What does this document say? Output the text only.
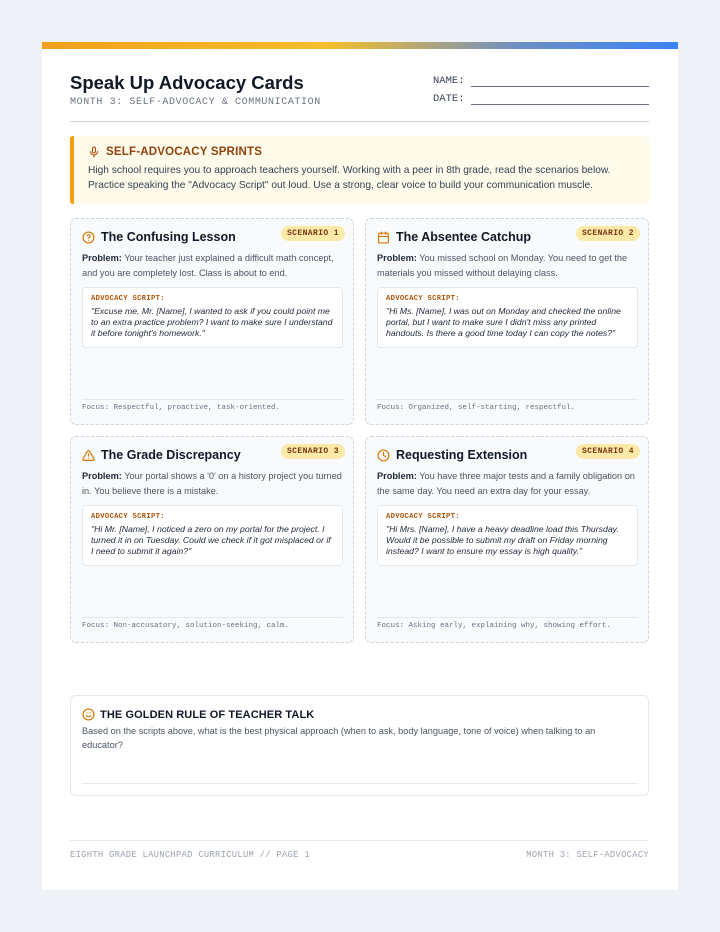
Speak Up Advocacy Cards
MONTH 3: SELF-ADVOCACY & COMMUNICATION
NAME:
DATE:
SELF-ADVOCACY SPRINTS
High school requires you to approach teachers yourself. Working with a peer in 8th grade, read the scenarios below. Practice speaking the "Advocacy Script" out loud. Use a strong, clear voice to build your communication muscle.
SCENARIO 1
The Confusing Lesson
Problem: Your teacher just explained a difficult math concept, and you are completely lost. Class is about to end.
ADVOCACY SCRIPT:
"Excuse me, Mr. [Name], I wanted to ask if you could point me to an extra practice problem? I want to make sure I understand it before tonight's homework."
Focus: Respectful, proactive, task-oriented.
SCENARIO 2
The Absentee Catchup
Problem: You missed school on Monday. You need to get the materials you missed without delaying class.
ADVOCACY SCRIPT:
"Hi Ms. [Name], I was out on Monday and checked the online portal, but I want to make sure I didn't miss any printed handouts. Is there a good time today I can copy the notes?"
Focus: Organized, self-starting, respectful.
SCENARIO 3
The Grade Discrepancy
Problem: Your portal shows a '0' on a history project you turned in. You believe there is a mistake.
ADVOCACY SCRIPT:
"Hi Mr. [Name], I noticed a zero on my portal for the project. I turned it in on Tuesday. Could we check if it got misplaced or if I need to submit it again?"
Focus: Non-accusatory, solution-seeking, calm.
SCENARIO 4
Requesting Extension
Problem: You have three major tests and a family obligation on the same day. You need an extra day for your essay.
ADVOCACY SCRIPT:
"Hi Mrs. [Name], I have a heavy deadline load this Thursday. Would it be possible to submit my draft on Friday morning instead? I want to ensure my essay is high quality."
Focus: Asking early, explaining why, showing effort.
THE GOLDEN RULE OF TEACHER TALK
Based on the scripts above, what is the best physical approach (when to ask, body language, tone of voice) when talking to an educator?
EIGHTH GRADE LAUNCHPAD CURRICULUM // PAGE 1	MONTH 3: SELF-ADVOCACY
